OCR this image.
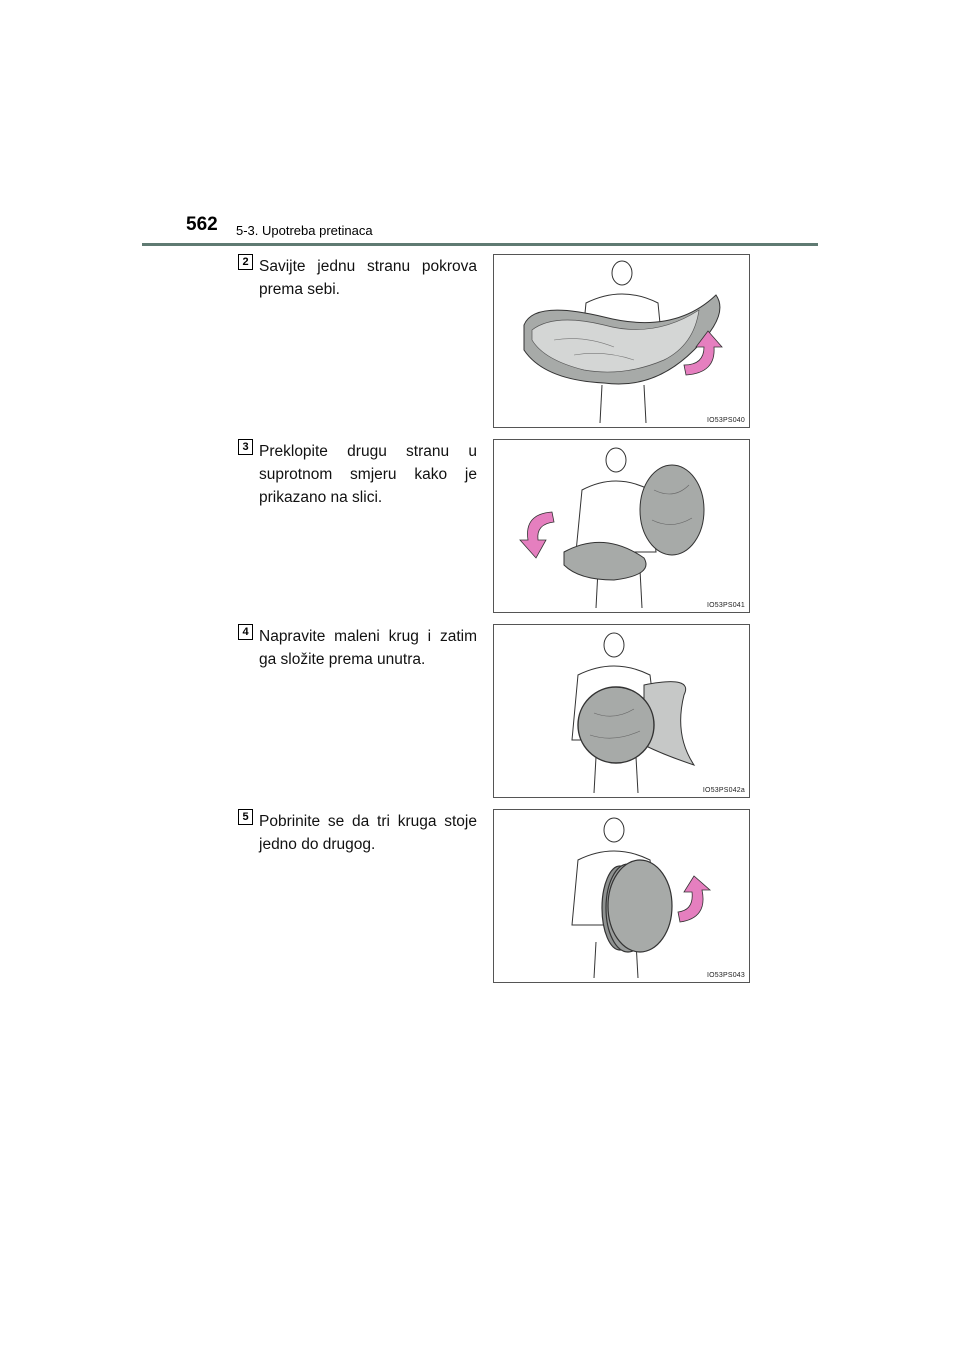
562 5-3. Upotreba pretinaca
2 Savijte jednu stranu pokrova prema sebi.
IO53PS040
3 Preklopite drugu stranu u suprotnom smjeru kako je prikazano na slici.
IO53PS041
4 Napravite maleni krug i zatim ga složite prema unutra.
IO53PS042a
5 Pobrinite se da tri kruga stoje jedno do drugog.
IO53PS043
